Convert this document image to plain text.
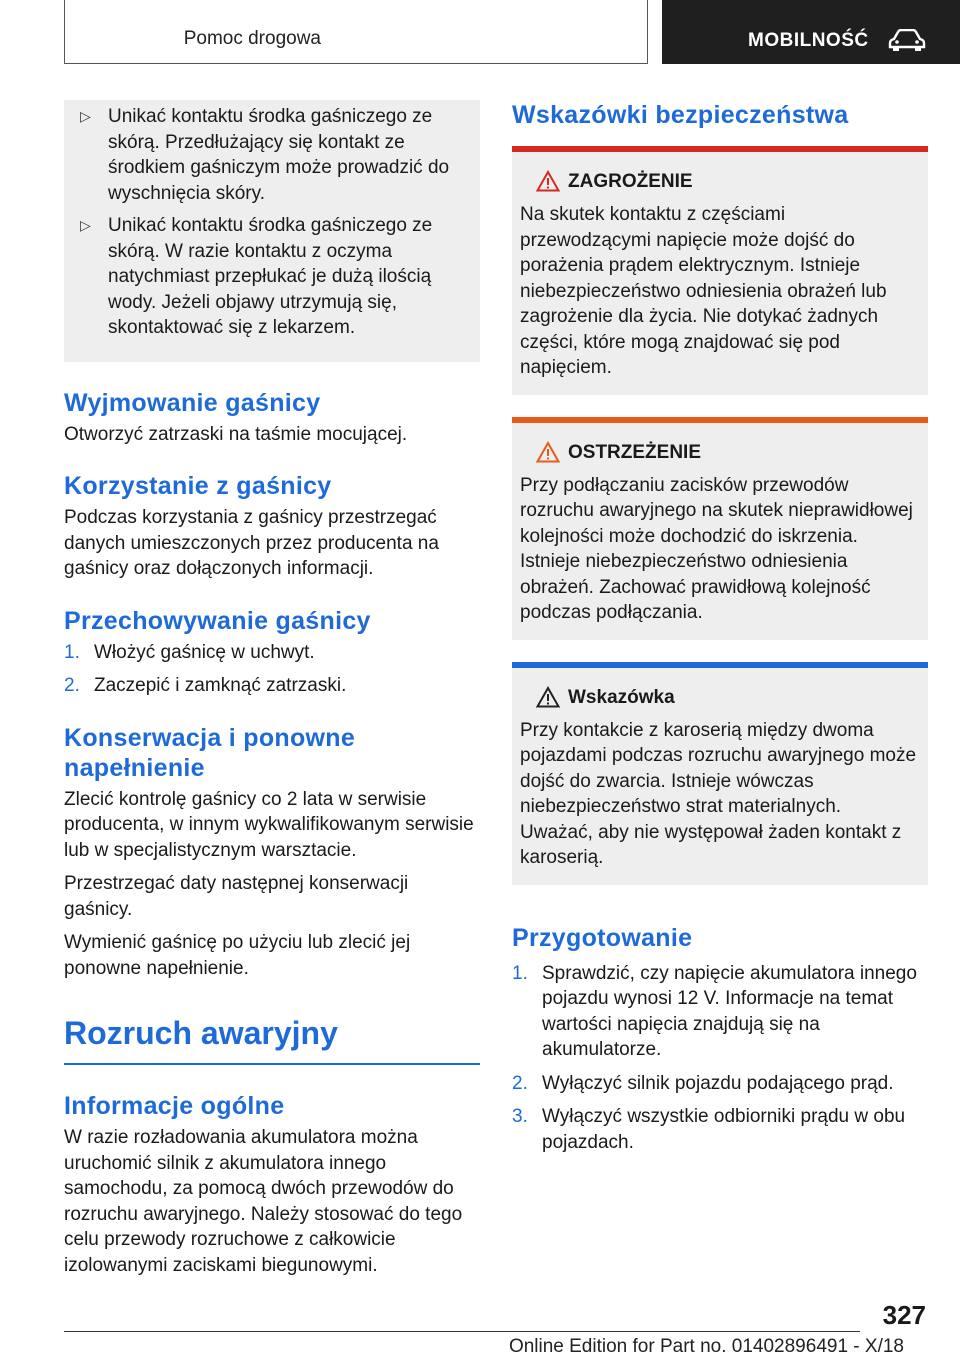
Pomoc drogowa	MOBILNOŚĆ
▷ Unikać kontaktu środka gaśniczego ze skórą. Przedłużający się kontakt ze środkiem gaśniczym może prowadzić do wyschnięcia skóry.
▷ Unikać kontaktu środka gaśniczego ze skórą. W razie kontaktu z oczyma natychmiast przepłukać je dużą ilością wody. Jeżeli objawy utrzymują się, skontaktować się z lekarzem.
Wyjmowanie gaśnicy

Otworzyć zatrzaski na taśmie mocującej.

Korzystanie z gaśnicy

Podczas korzystania z gaśnicy przestrzegać danych umieszczonych przez producenta na gaśnicy oraz dołączonych informacji.

Przechowywanie gaśnicy
1. Włożyć gaśnicę w uchwyt.
2. Zaczepić i zamknąć zatrzaski.
Konserwacja i ponowne napełnienie

Zlecić kontrolę gaśnicy co 2 lata w serwisie producenta, w innym wykwalifikowanym serwisie lub w specjalistycznym warsztacie.

Przestrzegać daty następnej konserwacji gaśnicy.

Wymienić gaśnicę po użyciu lub zlecić jej ponowne napełnienie.

Rozruch awaryjny
Informacje ogólne

W razie rozładowania akumulatora można uruchomić silnik z akumulatora innego samochodu, za pomocą dwóch przewodów do rozruchu awaryjnego. Należy stosować do tego celu przewody rozruchowe z całkowicie izolowanymi zaciskami biegunowymi.

Wskazówki bezpieczeństwa
ZAGROŻENIE

Na skutek kontaktu z częściami przewodzącymi napięcie może dojść do porażenia prądem elektrycznym. Istnieje niebezpieczeństwo odniesienia obrażeń lub zagrożenie dla życia. Nie dotykać żadnych części, które mogą znajdować się pod napięciem.

OSTRZEŻENIE

Przy podłączaniu zacisków przewodów rozruchu awaryjnego na skutek nieprawidłowej kolejności może dochodzić do iskrzenia. Istnieje niebezpieczeństwo odniesienia obrażeń. Zachować prawidłową kolejność podczas podłączania.

Wskazówka

Przy kontakcie z karoserią między dwoma pojazdami podczas rozruchu awaryjnego może dojść do zwarcia. Istnieje wówczas niebezpieczeństwo strat materialnych. Uważać, aby nie występował żaden kontakt z karoserią.

Przygotowanie
1. Sprawdzić, czy napięcie akumulatora innego pojazdu wynosi 12 V. Informacje na temat wartości napięcia znajdują się na akumulatorze.
2. Wyłączyć silnik pojazdu podającego prąd.
3. Wyłączyć wszystkie odbiorniki prądu w obu pojazdach.
327
Online Edition for Part no. 01402896491 - X/18
